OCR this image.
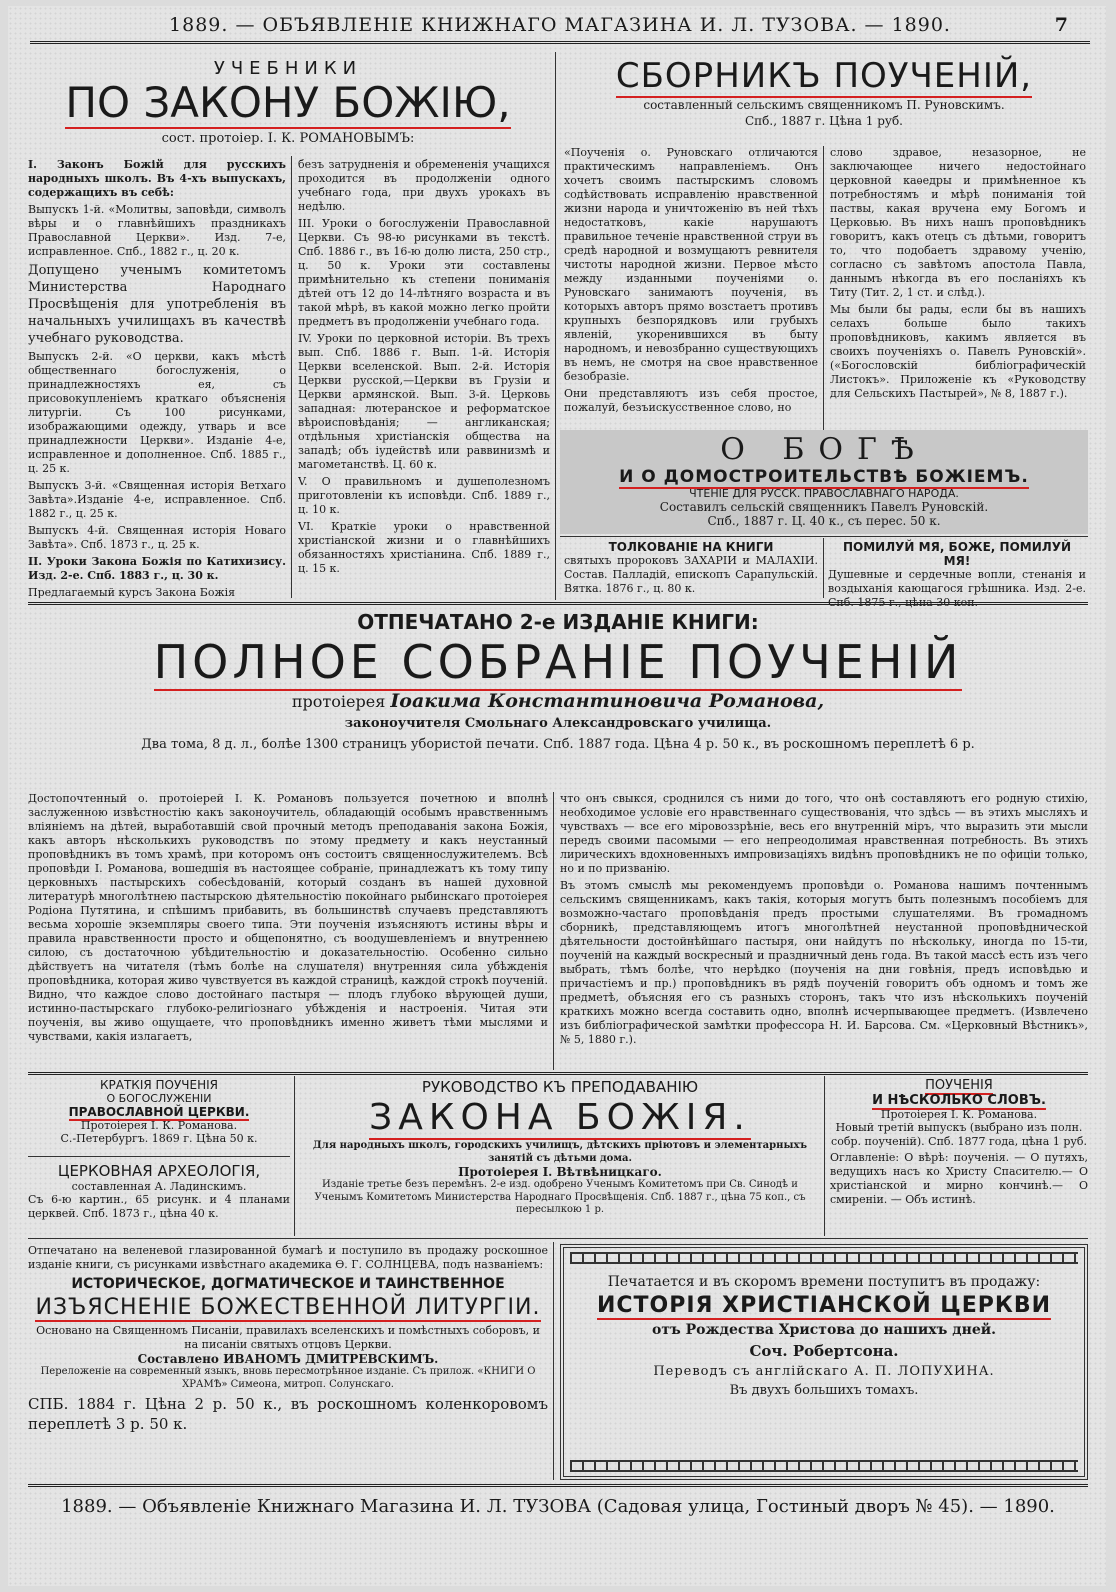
1889. — ОБЪЯВЛЕНІЕ КНИЖНАГО МАГАЗИНА И. Л. ТУЗОВА. — 1890.	7
УЧЕБНИКИ
ПО ЗАКОНУ БОЖІЮ,
сост. протоіер. І. К. РОМАНОВЫМЪ:

I. Законъ Божій для русскихъ народныхъ школъ. Въ 4-хъ выпускахъ, содержащихъ въ себѣ:

Выпускъ 1-й. «Молитвы, заповѣди, символъ вѣры и о главнѣйшихъ праздникахъ Православной Церкви». Изд. 7-е, исправленное. Спб., 1882 г., ц. 20 к.

Допущено ученымъ комитетомъ Министерства Народнаго Просвѣщенія для употребленія въ начальныхъ училищахъ въ качествѣ учебнаго руководства.

Выпускъ 2-й. «О церкви, какъ мѣстѣ общественнаго богослуженія, о принадлежностяхъ ея, съ присовокупленіемъ краткаго объясненія литургіи. Съ 100 рисунками, изображающими одежду, утварь и все принадлежности Церкви». Изданіе 4-е, исправленное и дополненное. Спб. 1885 г., ц. 25 к.

Выпускъ 3-й. «Священная исторія Ветхаго Завѣта».Изданіе 4-е, исправленное. Спб. 1882 г., ц. 25 к.

Выпускъ 4-й. Священная исторія Новаго Завѣта». Спб. 1873 г., ц. 25 к.

II. Уроки Закона Божія по Катихизису. Изд. 2-е. Спб. 1883 г., ц. 30 к.

Предлагаемый курсъ Закона Божія

безъ затрудненія и обремененія учащихся проходится въ продолженіи одного учебнаго года, при двухъ урокахъ въ недѣлю.

III. Уроки о богослуженіи Православной Церкви. Съ 98-ю рисунками въ текстѣ. Спб. 1886 г., въ 16-ю долю листа, 250 стр., ц. 50 к. Уроки эти составлены примѣнительно къ степени пониманія дѣтей отъ 12 до 14-лѣтняго возраста и въ такой мѣрѣ, въ какой можно легко пройти предметъ въ продолженіи учебнаго года.

IV. Уроки по церковной исторіи. Въ трехъ вып. Спб. 1886 г. Вып. 1-й. Исторія Церкви вселенской. Вып. 2-й. Исторія Церкви русской,—Церкви въ Грузіи и Церкви армянской. Вып. 3-й. Церковь западная: лютеранское и реформатское вѣроисповѣданія; — англиканская; отдѣльныя христіанскія общества на западѣ; объ іудействѣ или раввинизмѣ и магометанствѣ. Ц. 60 к.

V. О правильномъ и душеполезномъ приготовленіи къ исповѣди. Спб. 1889 г., ц. 10 к.

VI. Краткіе уроки о нравственной христіанской жизни и о главнѣйшихъ обязанностяхъ христіанина. Спб. 1889 г., ц. 15 к.

СБОРНИКЪ ПОУЧЕНІЙ,
составленный сельскимъ священникомъ П. Руновскимъ.
Спб., 1887 г. Цѣна 1 руб.

«Поученія о. Руновскаго отличаются практическимъ направленіемъ. Онъ хочетъ своимъ пастырскимъ словомъ содѣйствовать исправленію нравственной жизни народа и уничтоженію въ ней тѣхъ недостатковъ, какіе нарушаютъ правильное теченіе нравственной струи въ средѣ народной и возмущаютъ ревнителя чистоты народной жизни. Первое мѣсто между изданными поученіями о. Руновскаго занимаютъ поученія, въ которыхъ авторъ прямо возстаетъ противъ крупныхъ безпорядковъ или грубыхъ явленій, укоренившихся въ быту народномъ, и невозбранно существующихъ въ немъ, не смотря на свое нравственное безобразіе.

Они представляютъ изъ себя простое, пожалуй, безъискусственное слово, но

слово здравое, незазорное, не заключающее ничего недостойнаго церковной каѳедры и примѣненное къ потребностямъ и мѣрѣ пониманія той паствы, какая вручена ему Богомъ и Церковью. Въ нихъ нашъ проповѣдникъ говоритъ, какъ отецъ съ дѣтьми, говоритъ то, что подобаетъ здравому ученію, согласно съ завѣтомъ апостола Павла, даннымъ нѣкогда въ его посланіяхъ къ Титу (Тит. 2, 1 ст. и слѣд.).

Мы были бы рады, если бы въ нашихъ селахъ больше было такихъ проповѣдниковъ, какимъ является въ своихъ поученіяхъ о. Павелъ Руновскій». («Богословскій библіографическій Листокъ». Приложеніе къ «Руководству для Сельскихъ Пастырей», № 8, 1887 г.).

О БОГѢ
И О ДОМОСТРОИТЕЛЬСТВѢ БОЖІЕМЪ.
ЧТЕНІЕ ДЛЯ РУССК. ПРАВОСЛАВНАГО НАРОДА.
Составилъ сельскій священникъ Павелъ Руновскій.
Спб., 1887 г. Ц. 40 к., съ перес. 50 к.
ТОЛКОВАНІЕ НА КНИГИ
святыхъ пророковъ ЗАХАРІИ и МАЛАХІИ. Состав. Палладій, епископъ Сарапульскій. Вятка. 1876 г., ц. 80 к.
ПОМИЛУЙ МЯ, БОЖЕ, ПОМИЛУЙ МЯ!
Душевные и сердечные вопли, стенанія и воздыханія кающагося грѣшника. Изд. 2-е. Спб. 1875 г., цѣна 30 коп.
ОТПЕЧАТАНО 2-е ИЗДАНІЕ КНИГИ:
ПОЛНОЕ СОБРАНІЕ ПОУЧЕНІЙ
протоіерея Іоакима Константиновича Романова,
законоучителя Смольнаго Александровскаго училища.
Два тома, 8 д. л., болѣе 1300 страницъ убористой печати. Спб. 1887 года. Цѣна 4 р. 50 к., въ роскошномъ переплетѣ 6 р.

Достопочтенный о. протоіерей І. К. Романовъ пользуется почетною и вполнѣ заслуженною извѣстностію какъ законоучитель, обладающій особымъ нравственнымъ вліяніемъ на дѣтей, выработавшій свой прочный методъ преподаванія закона Божія, какъ авторъ нѣсколькихъ руководствъ по этому предмету и какъ неустанный проповѣдникъ въ томъ храмѣ, при которомъ онъ состоитъ священнослужителемъ. Всѣ проповѣди І. Романова, вошедшія въ настоящее собраніе, принадлежатъ къ тому типу церковныхъ пастырскихъ собесѣдованій, который созданъ въ нашей духовной литературѣ многолѣтнею пастырскою дѣятельностію покойнаго рыбинскаго протоіерея Родіона Путятина, и спѣшимъ прибавить, въ большинствѣ случаевъ представляютъ весьма хорошіе экземпляры своего типа. Эти поученія изъясняютъ истины вѣры и правила нравственности просто и общепонятно, съ воодушевленіемъ и внутреннею силою, съ достаточною убѣдительностію и доказательностію. Особенно сильно дѣйствуетъ на читателя (тѣмъ болѣе на слушателя) внутренняя сила убѣжденія проповѣдника, которая живо чувствуется въ каждой страницѣ, каждой строкѣ поученій. Видно, что каждое слово достойнаго пастыря — плодъ глубоко вѣрующей души, истинно-пастырскаго глубоко-религіознаго убѣжденія и настроенія. Читая эти поученія, вы живо ощущаете, что проповѣдникъ именно живетъ тѣми мыслями и чувствами, какія излагаетъ,

что онъ свыкся, сроднился съ ними до того, что онѣ составляютъ его родную стихію, необходимое условіе его нравственнаго существованія, что здѣсь — въ этихъ мысляхъ и чувствахъ — все его міровоззрѣніе, весь его внутренній міръ, что выразить эти мысли передъ своими пасомыми — его непреодолимая нравственная потребность. Въ этихъ лирическихъ вдохновенныхъ импровизаціяхъ видѣнъ проповѣдникъ не по офиціи только, но и по призванію.

Въ этомъ смыслѣ мы рекомендуемъ проповѣди о. Романова нашимъ почтеннымъ сельскимъ священникамъ, какъ такія, которыя могутъ быть полезнымъ пособіемъ для возможно-частаго проповѣданія предъ простыми слушателями. Въ громадномъ сборникѣ, представляющемъ итогъ многолѣтней неустанной проповѣднической дѣятельности достойнѣйшаго пастыря, они найдутъ по нѣскольку, иногда по 15-ти, поученій на каждый воскресный и праздничный день года. Въ такой массѣ есть изъ чего выбрать, тѣмъ болѣе, что нерѣдко (поученія на дни говѣнія, предъ исповѣдью и причастіемъ и пр.) проповѣдникъ въ рядѣ поученій говоритъ объ одномъ и томъ же предметѣ, объясняя его съ разныхъ сторонъ, такъ что изъ нѣсколькихъ поученій краткихъ можно всегда составить одно, вполнѣ исчерпывающее предметъ. (Извлечено изъ библіографической замѣтки профессора Н. И. Барсова. См. «Церковный Вѣстникъ», № 5, 1880 г.).

КРАТКІЯ ПОУЧЕНІЯ
О БОГОСЛУЖЕНІИ
ПРАВОСЛАВНОЙ ЦЕРКВИ.
Протоіерея І. К. Романова.
С.-Петербургъ. 1869 г. Цѣна 50 к.
ЦЕРКОВНАЯ АРХЕОЛОГІЯ,
составленная А. Ладинскимъ.
Съ 6-ю картин., 65 рисунк. и 4 планами церквей. Спб. 1873 г., цѣна 40 к.
РУКОВОДСТВО КЪ ПРЕПОДАВАНІЮ
ЗАКОНА БОЖІЯ.
Для народныхъ школъ, городскихъ училищъ, дѣтскихъ пріютовъ и элементарныхъ занятій съ дѣтьми дома.
Протоіерея І. Вѣтвѣницкаго.
Изданіе третье безъ перемѣнъ. 2-е изд. одобрено Ученымъ Комитетомъ при Св. Синодѣ и Ученымъ Комитетомъ Министерства Народнаго Просвѣщенія. Спб. 1887 г., цѣна 75 коп., съ пересылкою 1 р.
ПОУЧЕНІЯ
И НѢСКОЛЬКО СЛОВЪ.
Протоіерея І. К. Романова.
Новый третій выпускъ (выбрано изъ полн. собр. поученій). Спб. 1877 года, цѣна 1 руб.
Оглавленіе: О вѣрѣ: поученія. — О путяхъ, ведущихъ насъ ко Христу Спасителю.— О христіанской и мирно кончинѣ.— О смиреніи. — Объ истинѣ.
Отпечатано на веленевой глазированной бумагѣ и поступило въ продажу роскошное изданіе книги, съ рисунками извѣстнаго академика Ѳ. Г. СОЛНЦЕВА, подъ названіемъ:
ИСТОРИЧЕСКОЕ, ДОГМАТИЧЕСКОЕ И ТАИНСТВЕННОЕ
ИЗЪЯСНЕНІЕ БОЖЕСТВЕННОЙ ЛИТУРГІИ.
Основано на Священномъ Писаніи, правилахъ вселенскихъ и помѣстныхъ соборовъ, и на писаніи святыхъ отцовъ Церкви.
Составлено ИВАНОМЪ ДМИТРЕВСКИМЪ.
Переложеніе на современный языкъ, вновь пересмотрѣнное изданіе. Съ прилож. «КНИГИ О ХРАМѢ» Симеона, митроп. Солунскаго.
СПБ. 1884 г. Цѣна 2 р. 50 к., въ роскошномъ коленкоровомъ переплетѣ 3 р. 50 к.
Печатается и въ скоромъ времени поступитъ въ продажу:
ИСТОРІЯ ХРИСТІАНСКОЙ ЦЕРКВИ
отъ Рождества Христова до нашихъ дней.
Соч. Робертсона.
Переводъ съ англійскаго А. П. ЛОПУХИНА.
Въ двухъ большихъ томахъ.
1889. — Объявленіе Книжнаго Магазина И. Л. ТУЗОВА (Садовая улица, Гостиный дворъ № 45). — 1890.
